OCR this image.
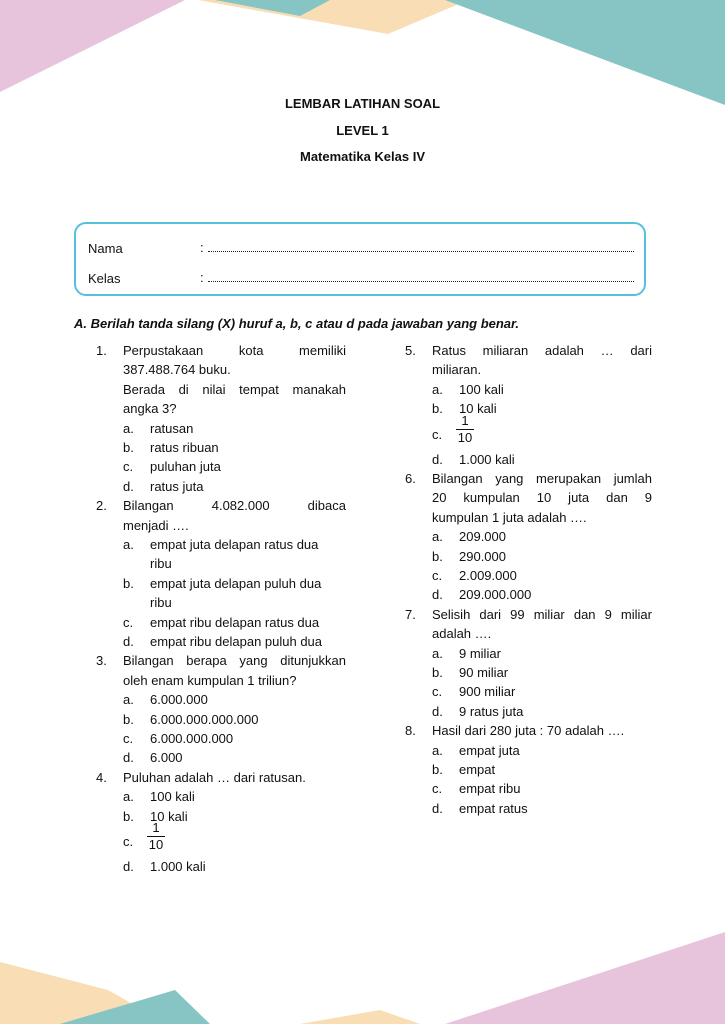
LEMBAR LATIHAN SOAL
LEVEL 1
Matematika Kelas IV
Nama	:
Kelas	:
A. Berilah tanda silang (X) huruf a, b, c atau d pada jawaban yang benar.
1. Perpustakaan kota memiliki
387.488.764 buku.
Berada di nilai tempat manakah
angka 3?
a. ratusan
b. ratus ribuan
c. puluhan juta
d. ratus juta
2. Bilangan 4.082.000 dibaca
menjadi ….
a. empat juta delapan ratus dua
ribu
b. empat juta delapan puluh dua
ribu
c. empat ribu delapan ratus dua
d. empat ribu delapan puluh dua
3. Bilangan berapa yang ditunjukkan
oleh enam kumpulan 1 triliun?
a. 6.000.000
b. 6.000.000.000.000
c. 6.000.000.000
d. 6.000
4. Puluhan adalah … dari ratusan.
a. 100 kali
b. 10 kali
c.
1
10
d. 1.000 kali
5. Ratus miliaran adalah … dari
miliaran.
a. 100 kali
b. 10 kali
c.
1
10
d. 1.000 kali
6. Bilangan yang merupakan jumlah
20 kumpulan 10 juta dan 9
kumpulan 1 juta adalah ….
a. 209.000
b. 290.000
c. 2.009.000
d. 209.000.000
7. Selisih dari 99 miliar dan 9 miliar
adalah ….
a. 9 miliar
b. 90 miliar
c. 900 miliar
d. 9 ratus juta
8. Hasil dari 280 juta : 70 adalah ….
a. empat juta
b. empat
c. empat ribu
d. empat ratus
